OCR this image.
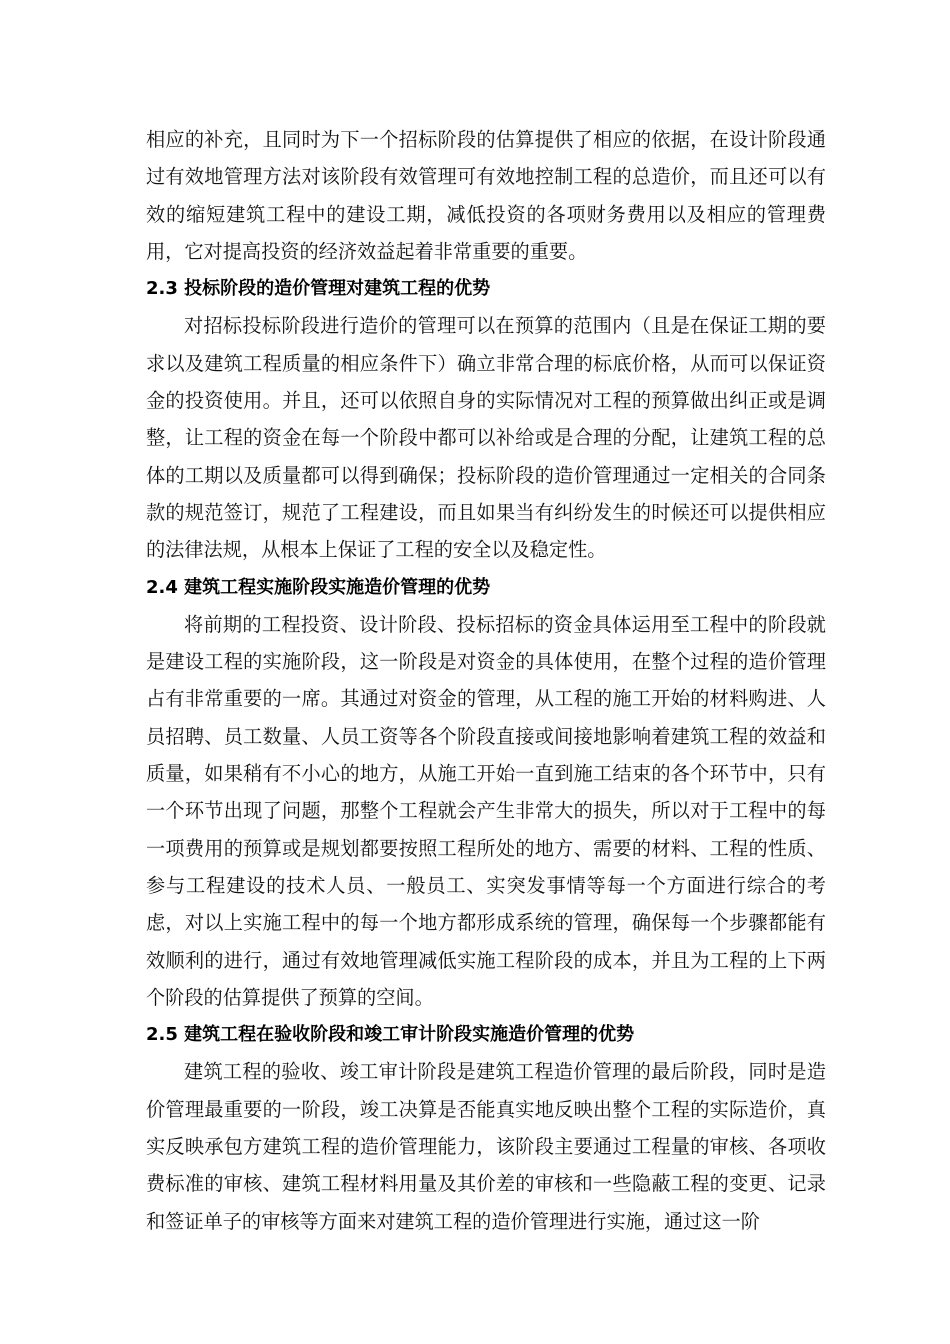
相应的补充，且同时为下一个招标阶段的估算提供了相应的依据，在设计阶段通过有效地管理方法对该阶段有效管理可有效地控制工程的总造价，而且还可以有效的缩短建筑工程中的建设工期，减低投资的各项财务费用以及相应的管理费用，它对提高投资的经济效益起着非常重要的重要。

2.3 投标阶段的造价管理对建筑工程的优势

对招标投标阶段进行造价的管理可以在预算的范围内（且是在保证工期的要求以及建筑工程质量的相应条件下）确立非常合理的标底价格，从而可以保证资金的投资使用。并且，还可以依照自身的实际情况对工程的预算做出纠正或是调整，让工程的资金在每一个阶段中都可以补给或是合理的分配，让建筑工程的总体的工期以及质量都可以得到确保；投标阶段的造价管理通过一定相关的合同条款的规范签订，规范了工程建设，而且如果当有纠纷发生的时候还可以提供相应的法律法规，从根本上保证了工程的安全以及稳定性。

2.4 建筑工程实施阶段实施造价管理的优势

将前期的工程投资、设计阶段、投标招标的资金具体运用至工程中的阶段就是建设工程的实施阶段，这一阶段是对资金的具体使用，在整个过程的造价管理占有非常重要的一席。其通过对资金的管理，从工程的施工开始的材料购进、人员招聘、员工数量、人员工资等各个阶段直接或间接地影响着建筑工程的效益和质量，如果稍有不小心的地方，从施工开始一直到施工结束的各个环节中，只有一个环节出现了问题，那整个工程就会产生非常大的损失，所以对于工程中的每一项费用的预算或是规划都要按照工程所处的地方、需要的材料、工程的性质、参与工程建设的技术人员、一般员工、实突发事情等每一个方面进行综合的考虑，对以上实施工程中的每一个地方都形成系统的管理，确保每一个步骤都能有效顺利的进行，通过有效地管理减低实施工程阶段的成本，并且为工程的上下两个阶段的估算提供了预算的空间。

2.5 建筑工程在验收阶段和竣工审计阶段实施造价管理的优势

建筑工程的验收、竣工审计阶段是建筑工程造价管理的最后阶段，同时是造价管理最重要的一阶段，竣工决算是否能真实地反映出整个工程的实际造价，真实反映承包方建筑工程的造价管理能力，该阶段主要通过工程量的审核、各项收费标准的审核、建筑工程材料用量及其价差的审核和一些隐蔽工程的变更、记录和签证单子的审核等方面来对建筑工程的造价管理进行实施，通过这一阶
